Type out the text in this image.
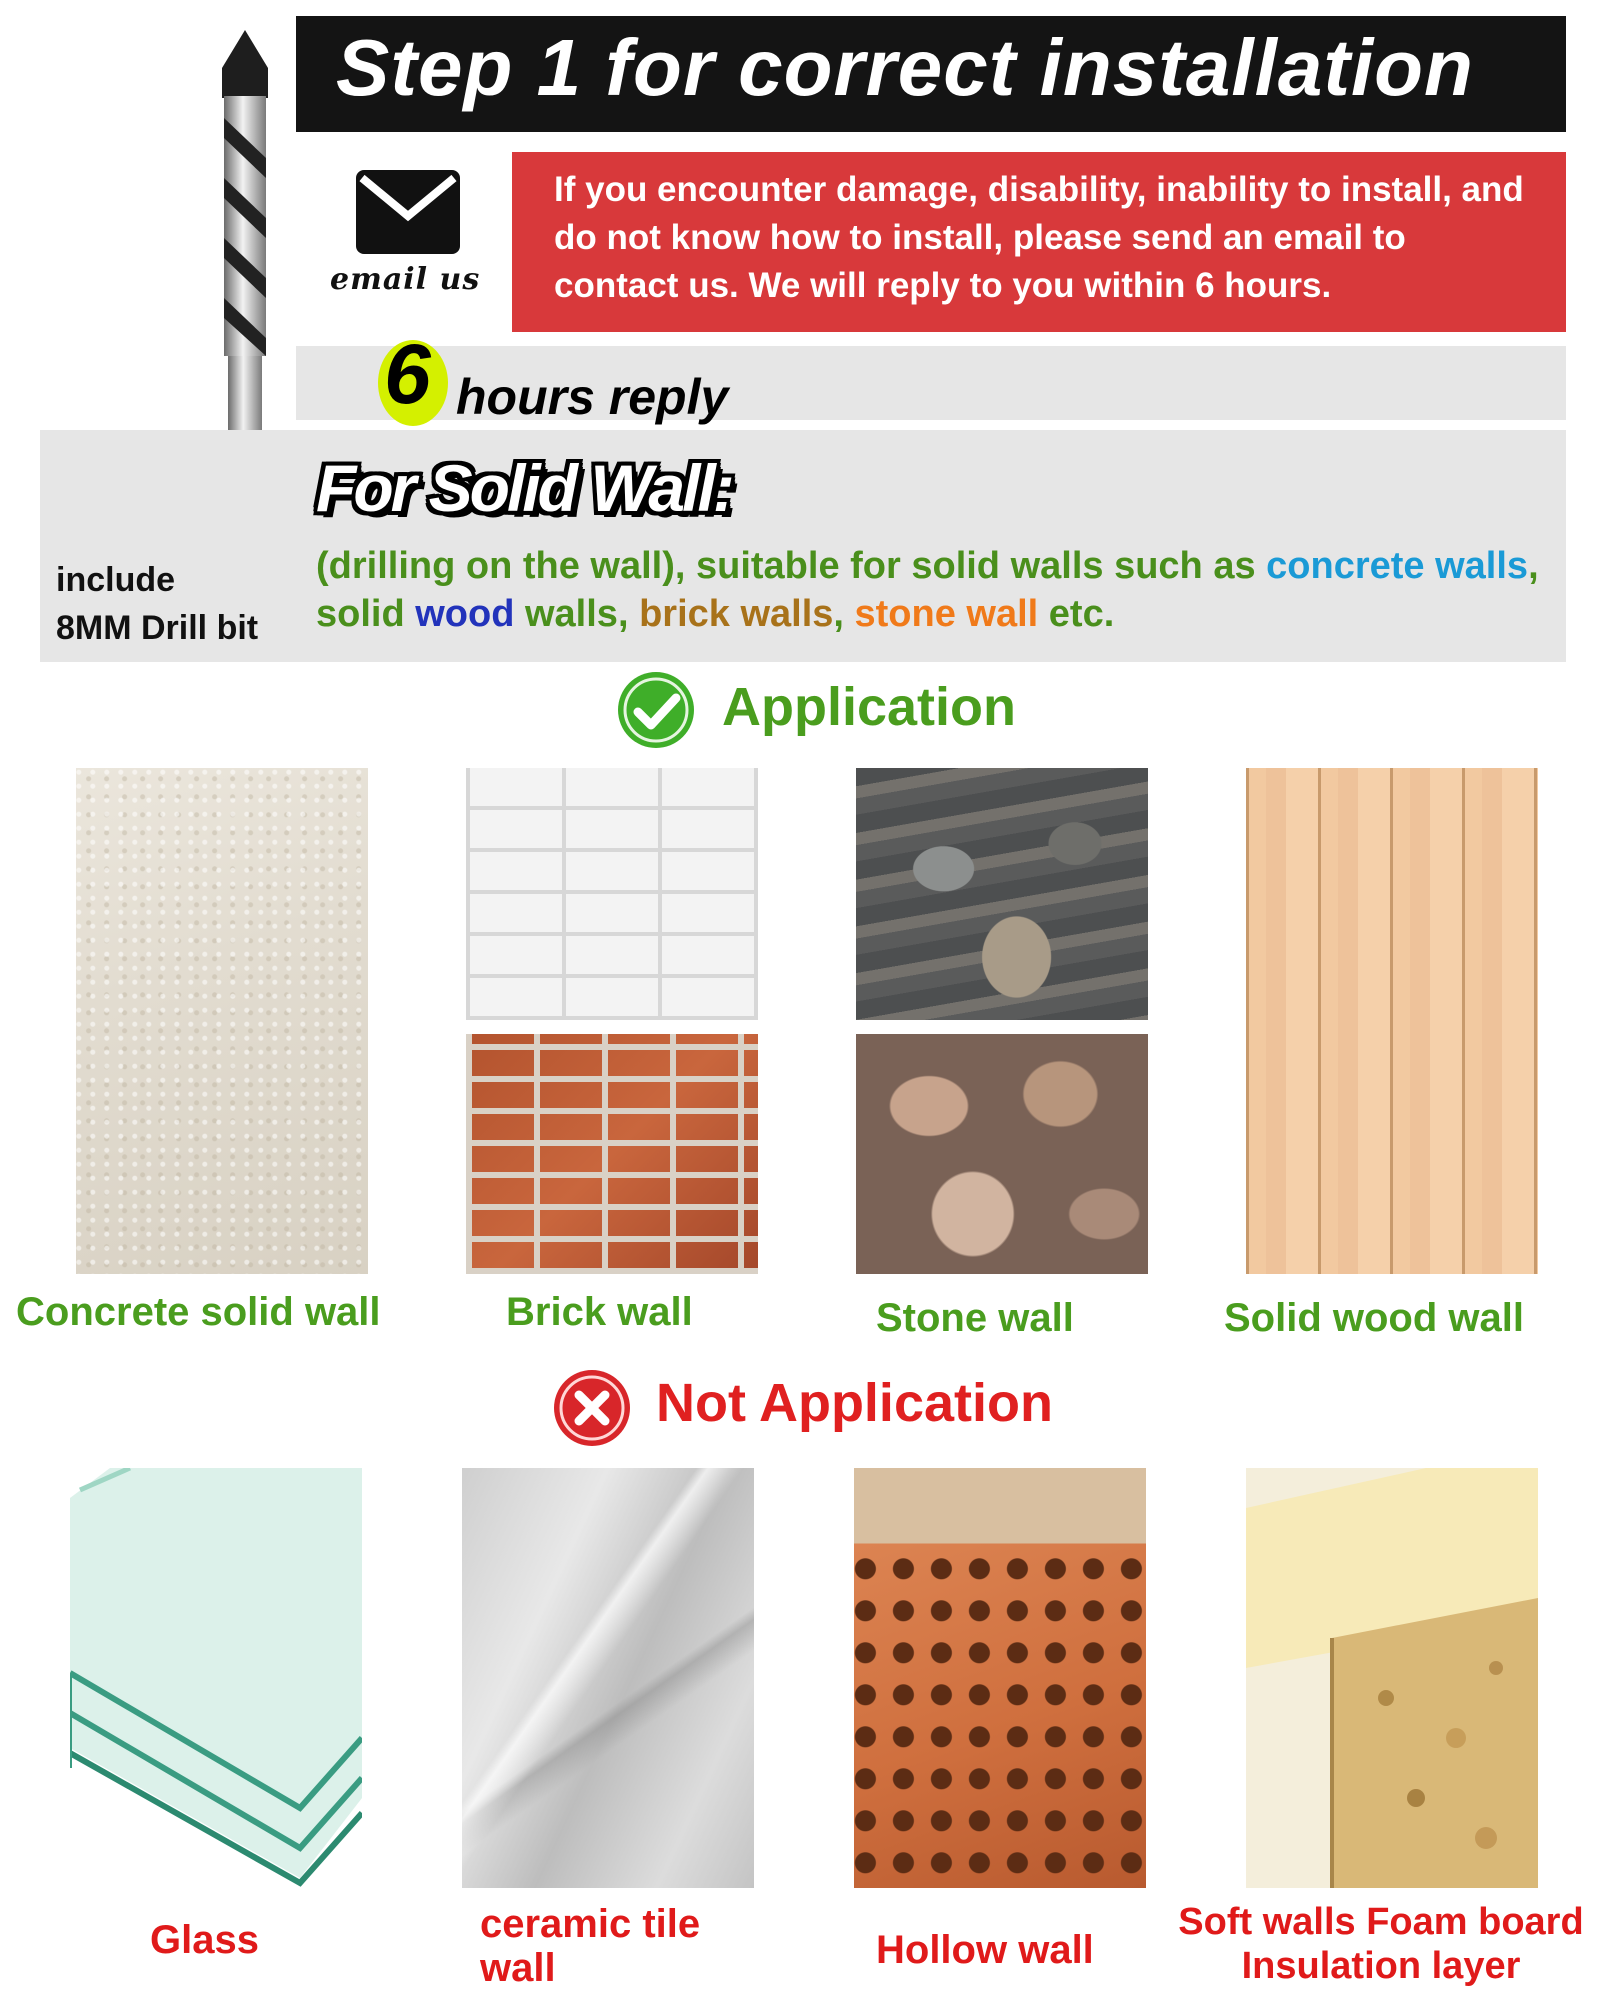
Step 1 for correct installation
email us
If you encounter damage, disability, inability to install, and do not know how to install, please send an email to contact us. We will reply to you within 6 hours.
6 hours reply
For Solid Wall:
(drilling on the wall), suitable for solid walls such as concrete walls, solid wood walls, brick walls, stone wall etc.
include
8MM Drill bit
Application
Concrete solid wall	Brick wall	Stone wall	Solid wood wall
Not Application
Glass	ceramic tile wall	Hollow wall
Soft walls Foam board
Insulation layer
